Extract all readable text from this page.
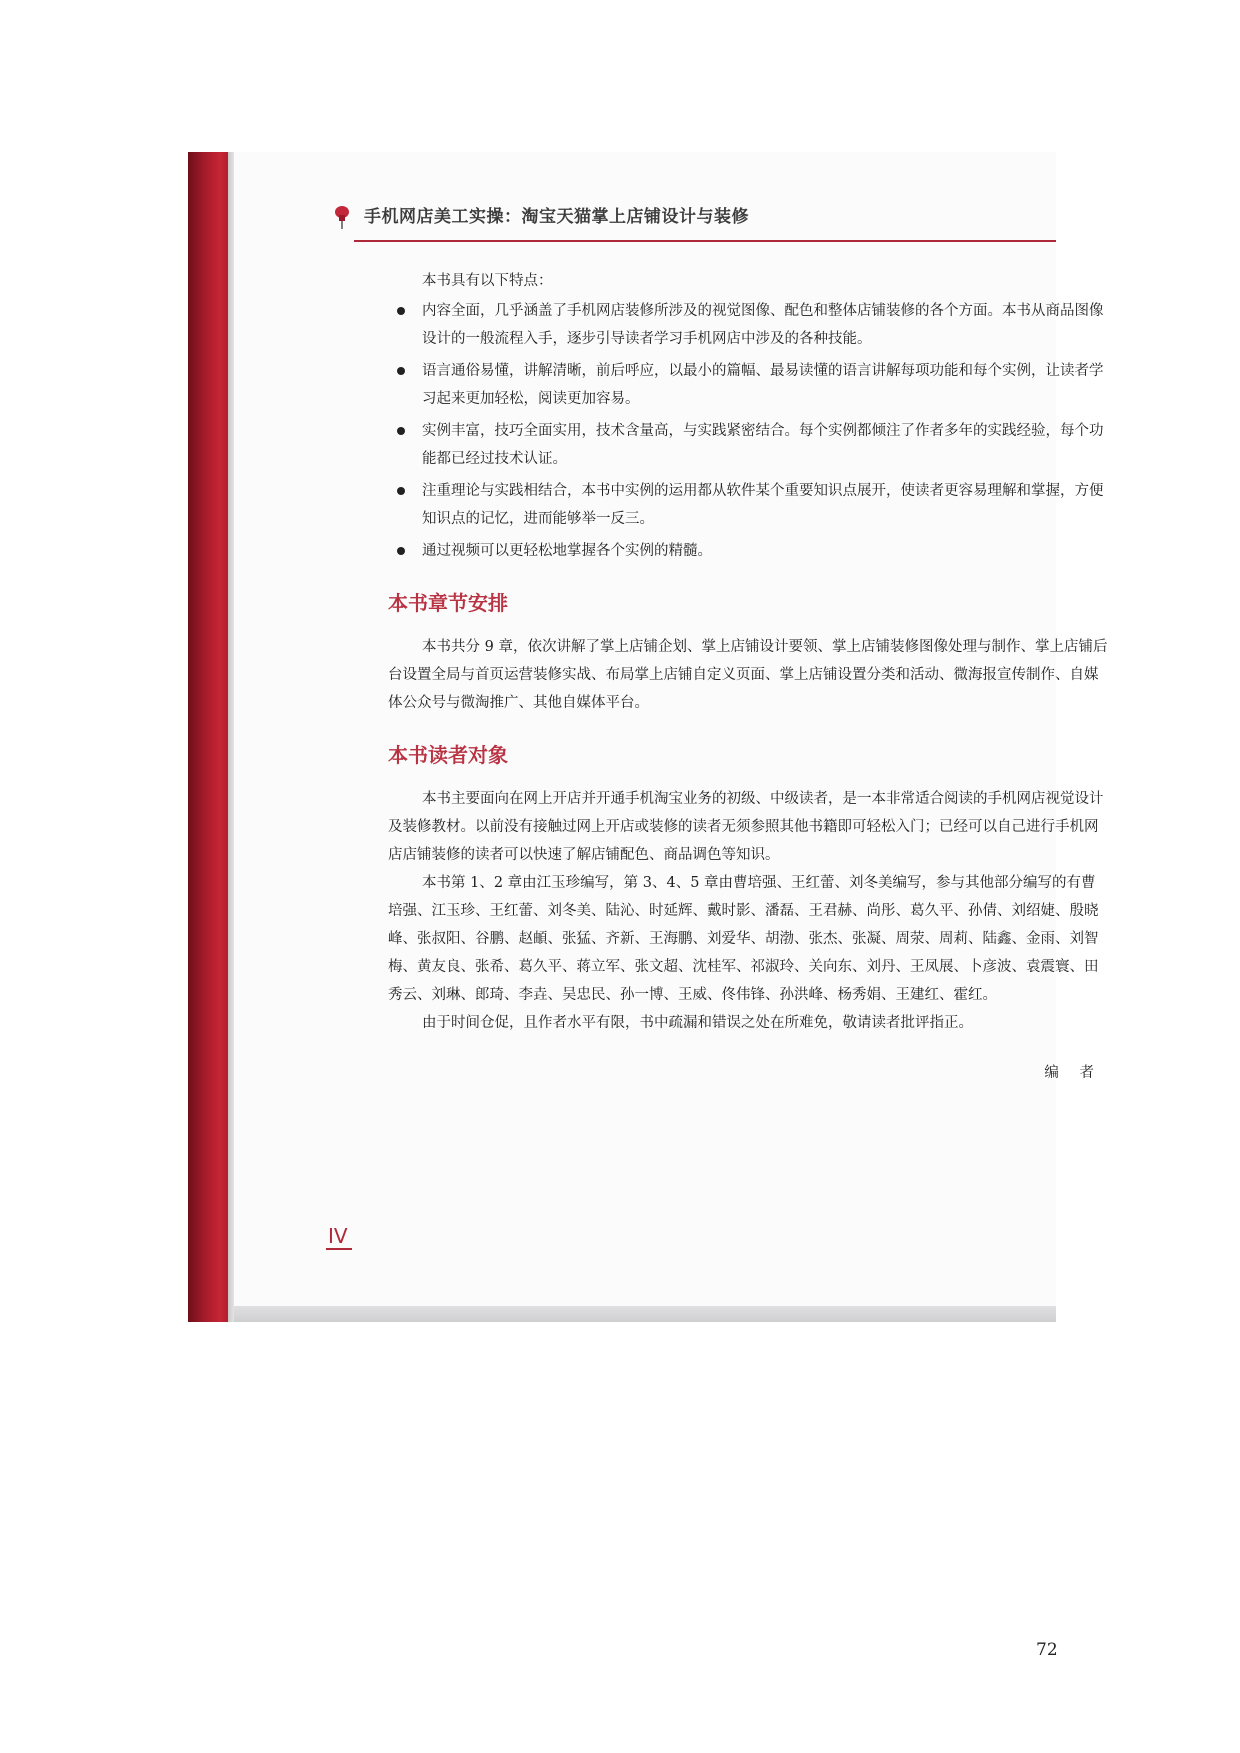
手机网店美工实操：淘宝天猫掌上店铺设计与装修

本书具有以下特点：

内容全面，几乎涵盖了手机网店装修所涉及的视觉图像、配色和整体店铺装修的各个方面。本书从商品图像设计的一般流程入手，逐步引导读者学习手机网店中涉及的各种技能。
语言通俗易懂，讲解清晰，前后呼应，以最小的篇幅、最易读懂的语言讲解每项功能和每个实例，让读者学习起来更加轻松，阅读更加容易。
实例丰富，技巧全面实用，技术含量高，与实践紧密结合。每个实例都倾注了作者多年的实践经验，每个功能都已经过技术认证。
注重理论与实践相结合，本书中实例的运用都从软件某个重要知识点展开，使读者更容易理解和掌握，方便知识点的记忆，进而能够举一反三。
通过视频可以更轻松地掌握各个实例的精髓。
本书章节安排

本书共分 9 章，依次讲解了掌上店铺企划、掌上店铺设计要领、掌上店铺装修图像处理与制作、掌上店铺后台设置全局与首页运营装修实战、布局掌上店铺自定义页面、掌上店铺设置分类和活动、微海报宣传制作、自媒体公众号与微淘推广、其他自媒体平台。

本书读者对象

本书主要面向在网上开店并开通手机淘宝业务的初级、中级读者，是一本非常适合阅读的手机网店视觉设计及装修教材。以前没有接触过网上开店或装修的读者无须参照其他书籍即可轻松入门；已经可以自己进行手机网店店铺装修的读者可以快速了解店铺配色、商品调色等知识。

本书第 1、2 章由江玉珍编写，第 3、4、5 章由曹培强、王红蕾、刘冬美编写，参与其他部分编写的有曹培强、江玉珍、王红蕾、刘冬美、陆沁、时延辉、戴时影、潘磊、王君赫、尚彤、葛久平、孙倩、刘绍婕、殷晓峰、张叔阳、谷鹏、赵頔、张猛、齐新、王海鹏、刘爱华、胡渤、张杰、张凝、周荥、周莉、陆鑫、金雨、刘智梅、黄友良、张希、葛久平、蒋立军、张文超、沈桂军、祁淑玲、关向东、刘丹、王凤展、卜彦波、袁震寰、田秀云、刘琳、郎琦、李垚、吴忠民、孙一博、王威、佟伟锋、孙洪峰、杨秀娟、王建红、霍红。

由于时间仓促，且作者水平有限，书中疏漏和错误之处在所难免，敬请读者批评指正。

编 者
IV
72
